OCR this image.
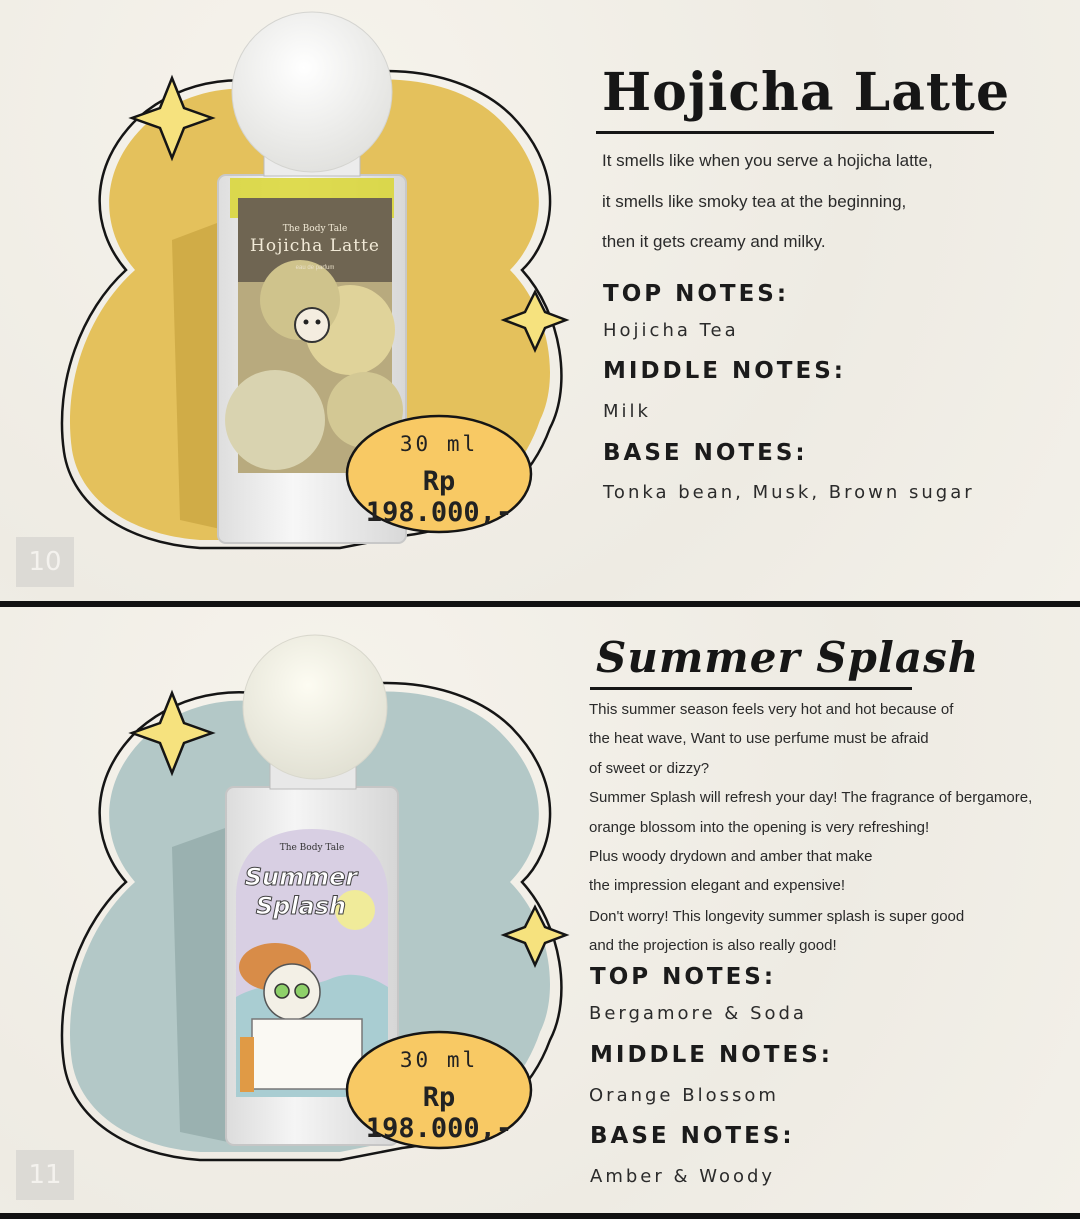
The Body Tale
Hojicha Latte
eau de parfum
30 ml
Rp 198.000,-
10
Hojicha Latte
It smells like when you serve a hojicha latte,
it smells like smoky tea at the beginning,
then it gets creamy and milky.
TOP NOTES:
Hojicha Tea
MIDDLE NOTES:
Milk
BASE NOTES:
Tonka bean, Musk, Brown sugar
The Body Tale
Summer
Splash
30 ml
Rp 198.000,-
11
Summer Splash
This summer season feels very hot and hot because of
the heat wave, Want to use perfume must be afraid
of sweet or dizzy?
Summer Splash will refresh your day! The fragrance of bergamore,
orange blossom into the opening is very refreshing!
Plus woody drydown and amber that make
the impression elegant and expensive!
Don't worry! This longevity summer splash is super good
and the projection is also really good!
TOP NOTES:
Bergamore & Soda
MIDDLE NOTES:
Orange Blossom
BASE NOTES:
Amber & Woody
